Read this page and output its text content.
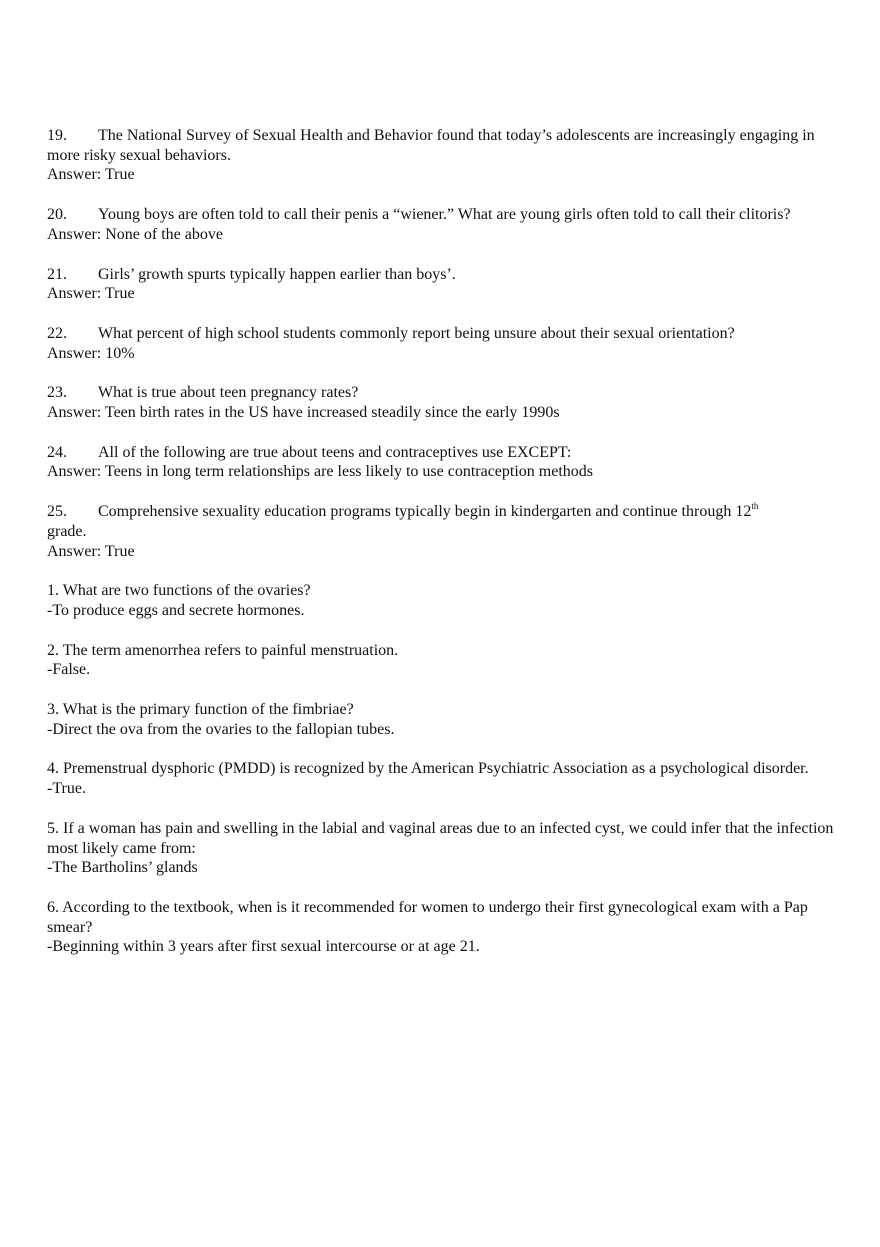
19. The National Survey of Sexual Health and Behavior found that today’s adolescents are increasingly engaging in more risky sexual behaviors.

Answer: True

20. Young boys are often told to call their penis a “wiener.” What are young girls often told to call their clitoris?

Answer: None of the above

21. Girls’ growth spurts typically happen earlier than boys’.

Answer: True

22. What percent of high school students commonly report being unsure about their sexual orientation?

Answer: 10%

23. What is true about teen pregnancy rates?

Answer: Teen birth rates in the US have increased steadily since the early 1990s

24. All of the following are true about teens and contraceptives use EXCEPT:

Answer: Teens in long term relationships are less likely to use contraception methods

25. Comprehensive sexuality education programs typically begin in kindergarten and continue through 12th
grade.

Answer: True

1. What are two functions of the ovaries?

-To produce eggs and secrete hormones.

2. The term amenorrhea refers to painful menstruation.

-False.

3. What is the primary function of the fimbriae?

-Direct the ova from the ovaries to the fallopian tubes.

4. Premenstrual dysphoric (PMDD) is recognized by the American Psychiatric Association as a psychological disorder.

-True.

5. If a woman has pain and swelling in the labial and vaginal areas due to an infected cyst, we could infer that the infection most likely came from:

-The Bartholins’ glands

6. According to the textbook, when is it recommended for women to undergo their first gynecological exam with a Pap smear?

-Beginning within 3 years after first sexual intercourse or at age 21.
